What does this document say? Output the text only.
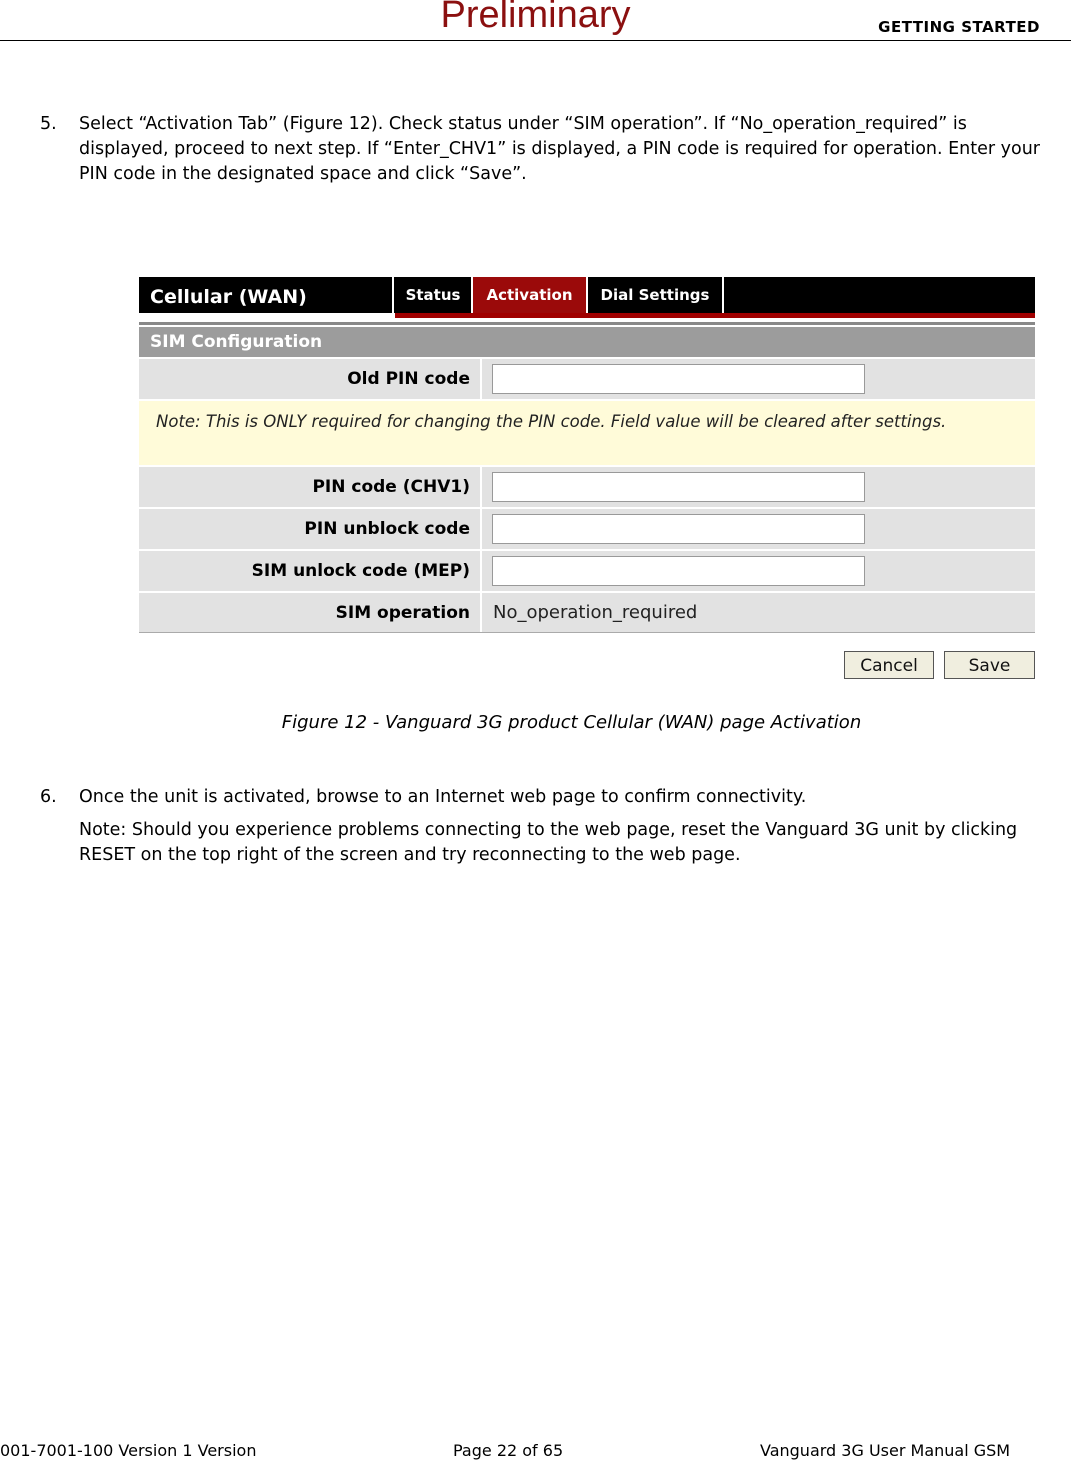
Preliminary	GETTING STARTED
5. Select “Activation Tab” (Figure 12). Check status under “SIM operation”. If “No_operation_required” is displayed, proceed to next step. If “Enter_CHV1” is displayed, a PIN code is required for operation. Enter your PIN code in the designated space and click “Save”.
Cellular (WAN)	Status	Activation	Dial Settings
SIM Configuration
Old PIN code
Note: This is ONLY required for changing the PIN code. Field value will be cleared after settings.
PIN code (CHV1)
PIN unblock code
SIM unlock code (MEP)
SIM operation	No_operation_required
Cancel	Save
Figure 12 - Vanguard 3G product Cellular (WAN) page Activation
6. Once the unit is activated, browse to an Internet web page to confirm connectivity.
Note: Should you experience problems connecting to the web page, reset the Vanguard 3G unit by clicking RESET on the top right of the screen and try reconnecting to the web page.
001-7001-100 Version 1 Version	Page 22 of 65	Vanguard 3G User Manual GSM
